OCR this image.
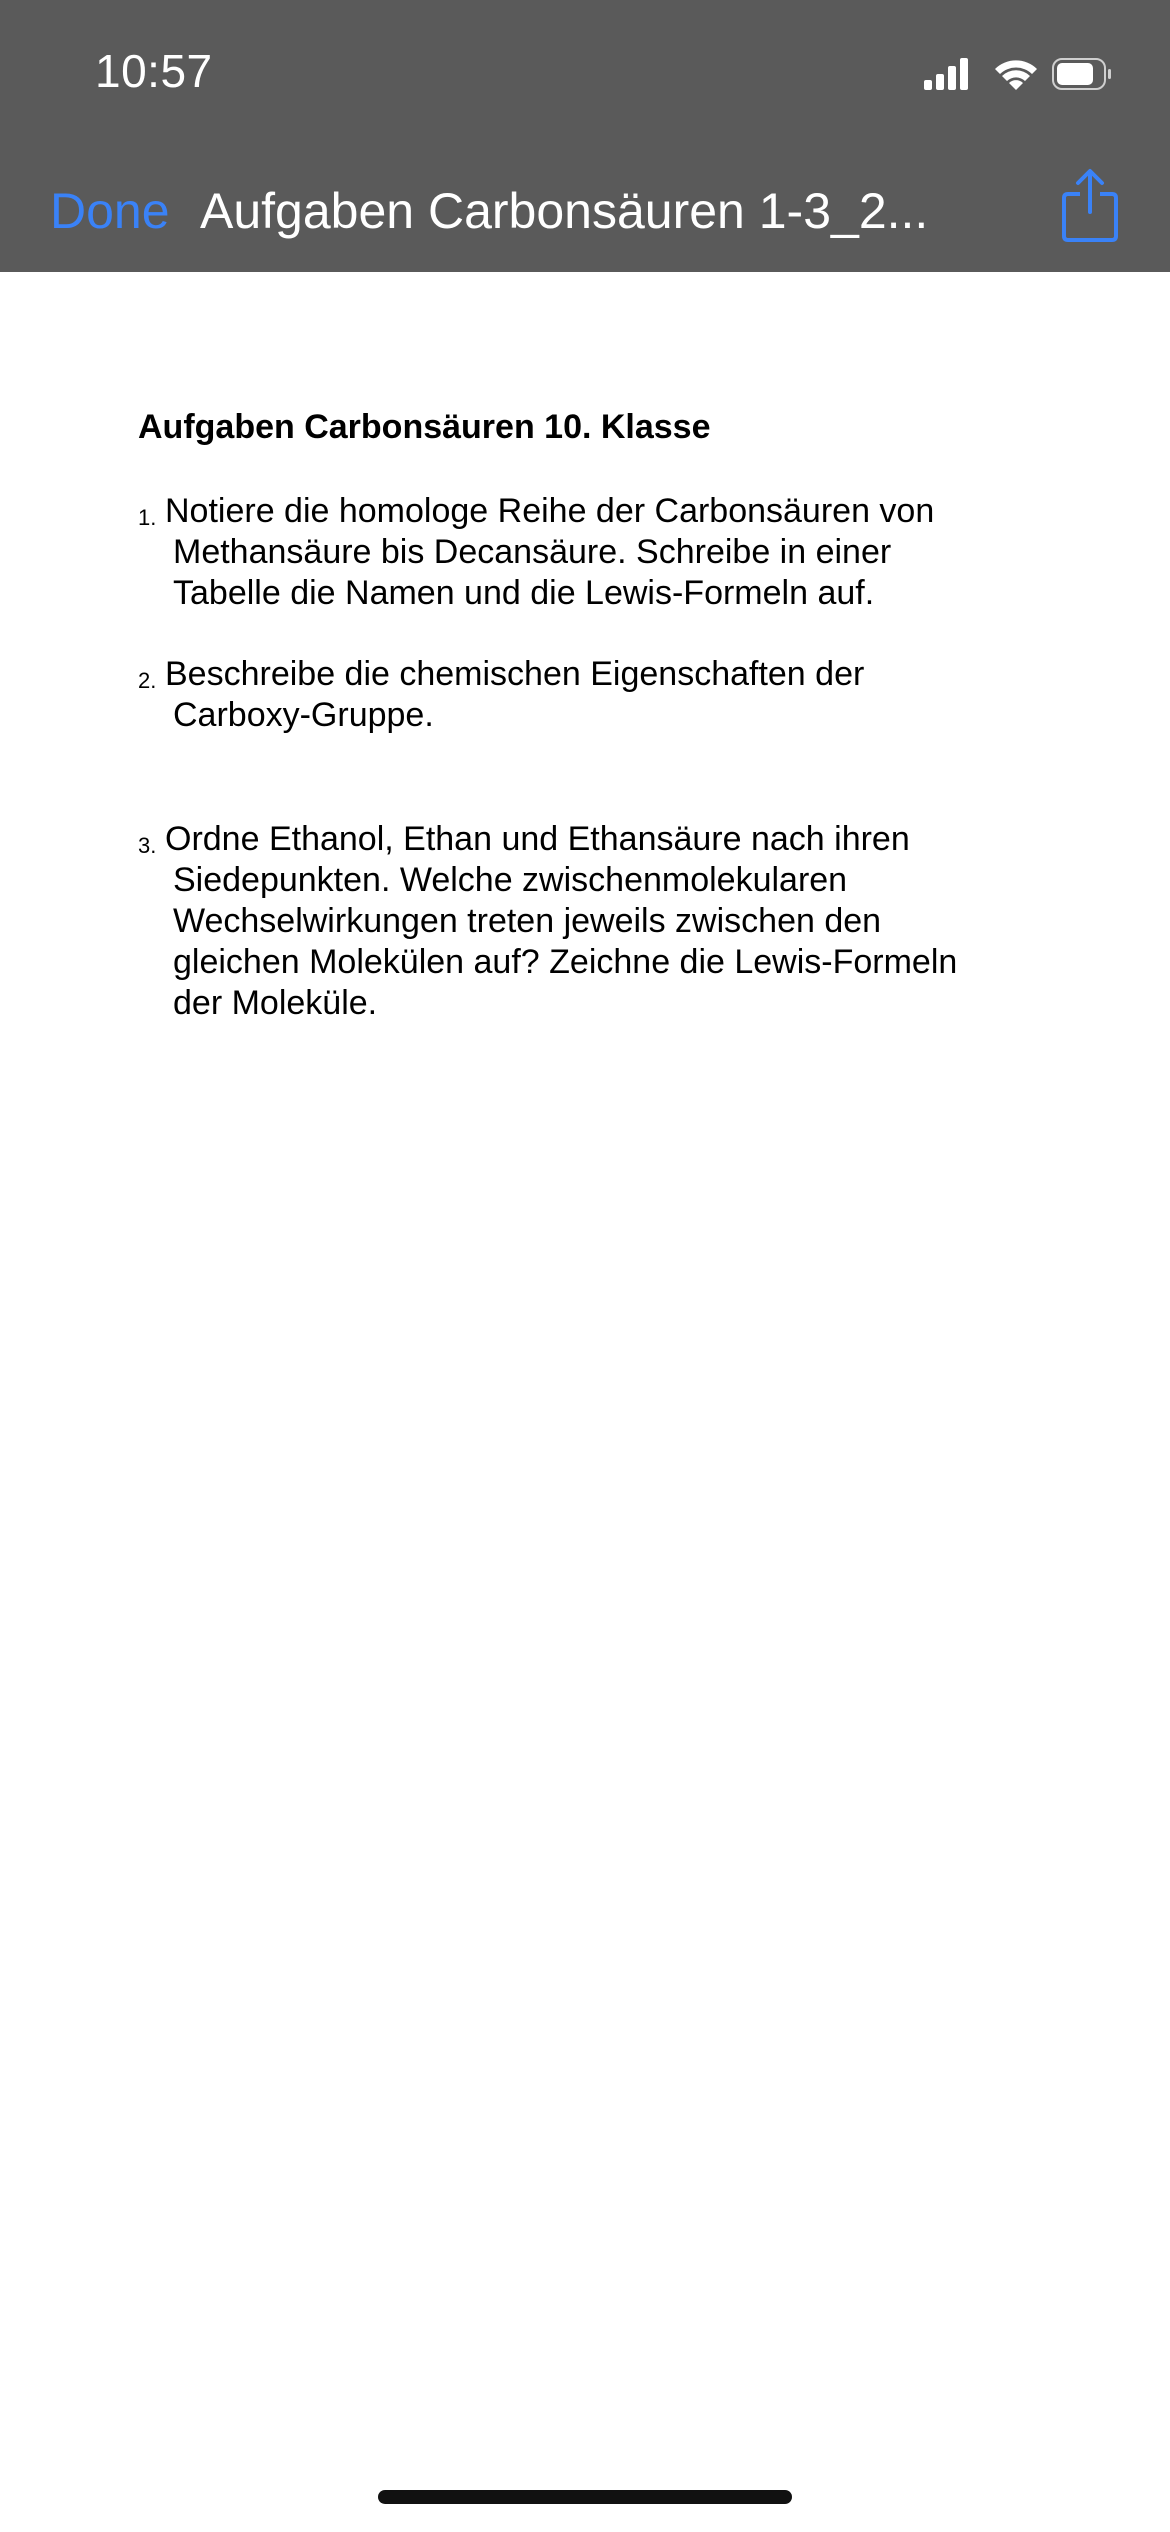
10:57
Done Aufgaben Carbonsäuren 1-3_2...
Aufgaben Carbonsäuren 10. Klasse
1. Notiere die homologe Reihe der Carbonsäuren von
Methansäure bis Decansäure. Schreibe in einer
Tabelle die Namen und die Lewis-Formeln auf.
2. Beschreibe die chemischen Eigenschaften der
Carboxy-Gruppe.
3. Ordne Ethanol, Ethan und Ethansäure nach ihren
Siedepunkten. Welche zwischenmolekularen
Wechselwirkungen treten jeweils zwischen den
gleichen Molekülen auf? Zeichne die Lewis-Formeln
der Moleküle.
